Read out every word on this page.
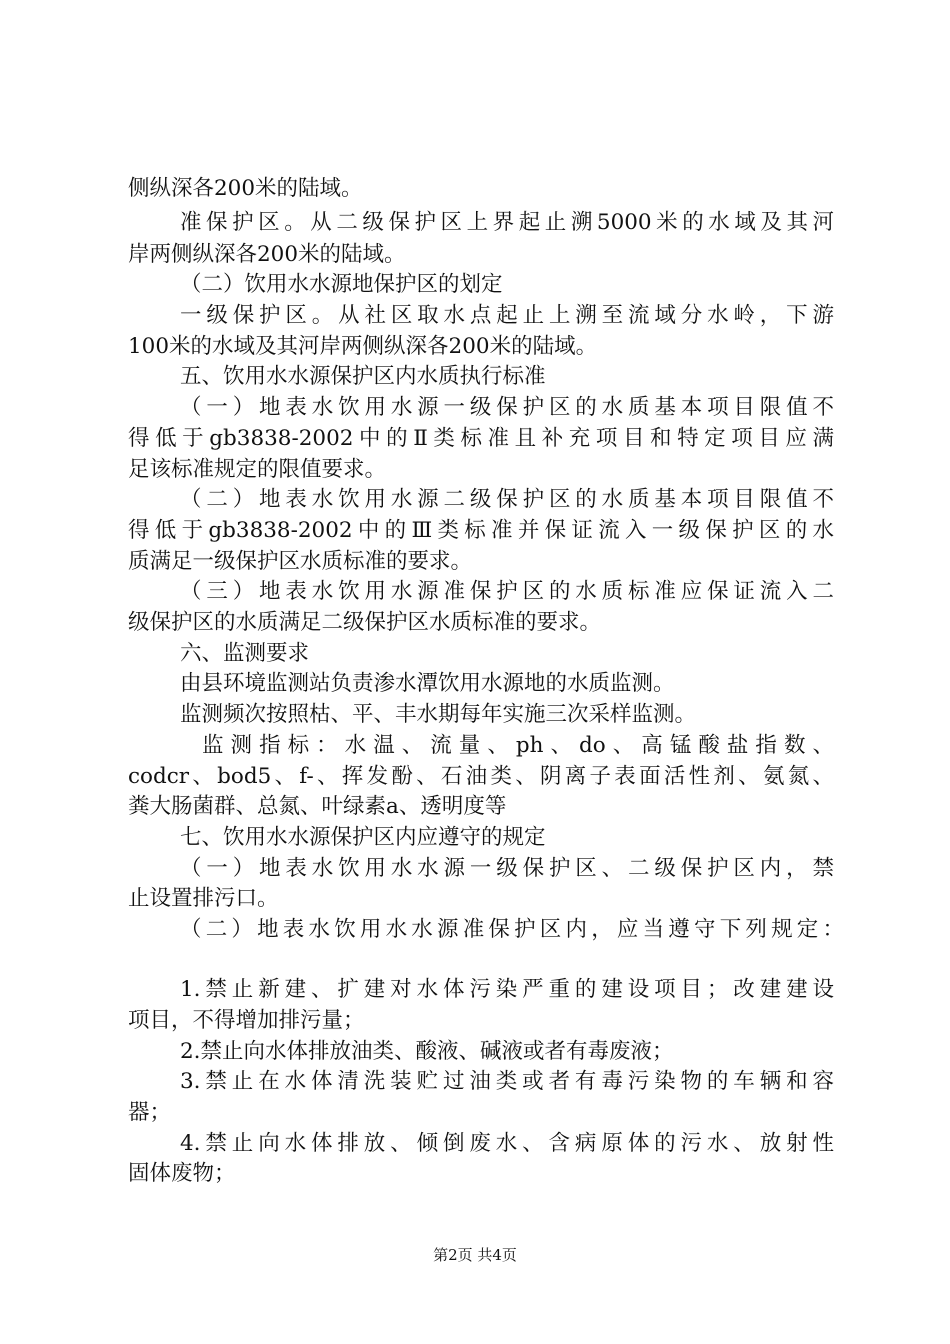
侧纵深各200米的陆域。
准保护区。从二级保护区上界起止溯5000米的水域及其河
岸两侧纵深各200米的陆域。
（二）饮用水水源地保护区的划定
一级保护区。从社区取水点起止上溯至流域分水岭，下游
100米的水域及其河岸两侧纵深各200米的陆域。
五、饮用水水源保护区内水质执行标准
（一）地表水饮用水源一级保护区的水质基本项目限值不
得低于gb3838-2002中的Ⅱ类标准且补充项目和特定项目应满
足该标准规定的限值要求。
（二）地表水饮用水源二级保护区的水质基本项目限值不
得低于gb3838-2002中的Ⅲ类标准并保证流入一级保护区的水
质满足一级保护区水质标准的要求。
（三）地表水饮用水源准保护区的水质标准应保证流入二
级保护区的水质满足二级保护区水质标准的要求。
六、监测要求
由县环境监测站负责渗水潭饮用水源地的水质监测。
监测频次按照枯、平、丰水期每年实施三次采样监测。
监测指标：水温、流量、ph、do、高锰酸盐指数、
codcr、bod5、f-、挥发酚、石油类、阴离子表面活性剂、氨氮、
粪大肠菌群、总氮、叶绿素a、透明度等
七、饮用水水源保护区内应遵守的规定
（一）地表水饮用水水源一级保护区、二级保护区内，禁
止设置排污口。
（二）地表水饮用水水源准保护区内，应当遵守下列规定：
1.禁止新建、扩建对水体污染严重的建设项目；改建建设
项目，不得增加排污量；
2.禁止向水体排放油类、酸液、碱液或者有毒废液；
3.禁止在水体清洗装贮过油类或者有毒污染物的车辆和容
器；
4.禁止向水体排放、倾倒废水、含病原体的污水、放射性
固体废物；
第2页 共4页
